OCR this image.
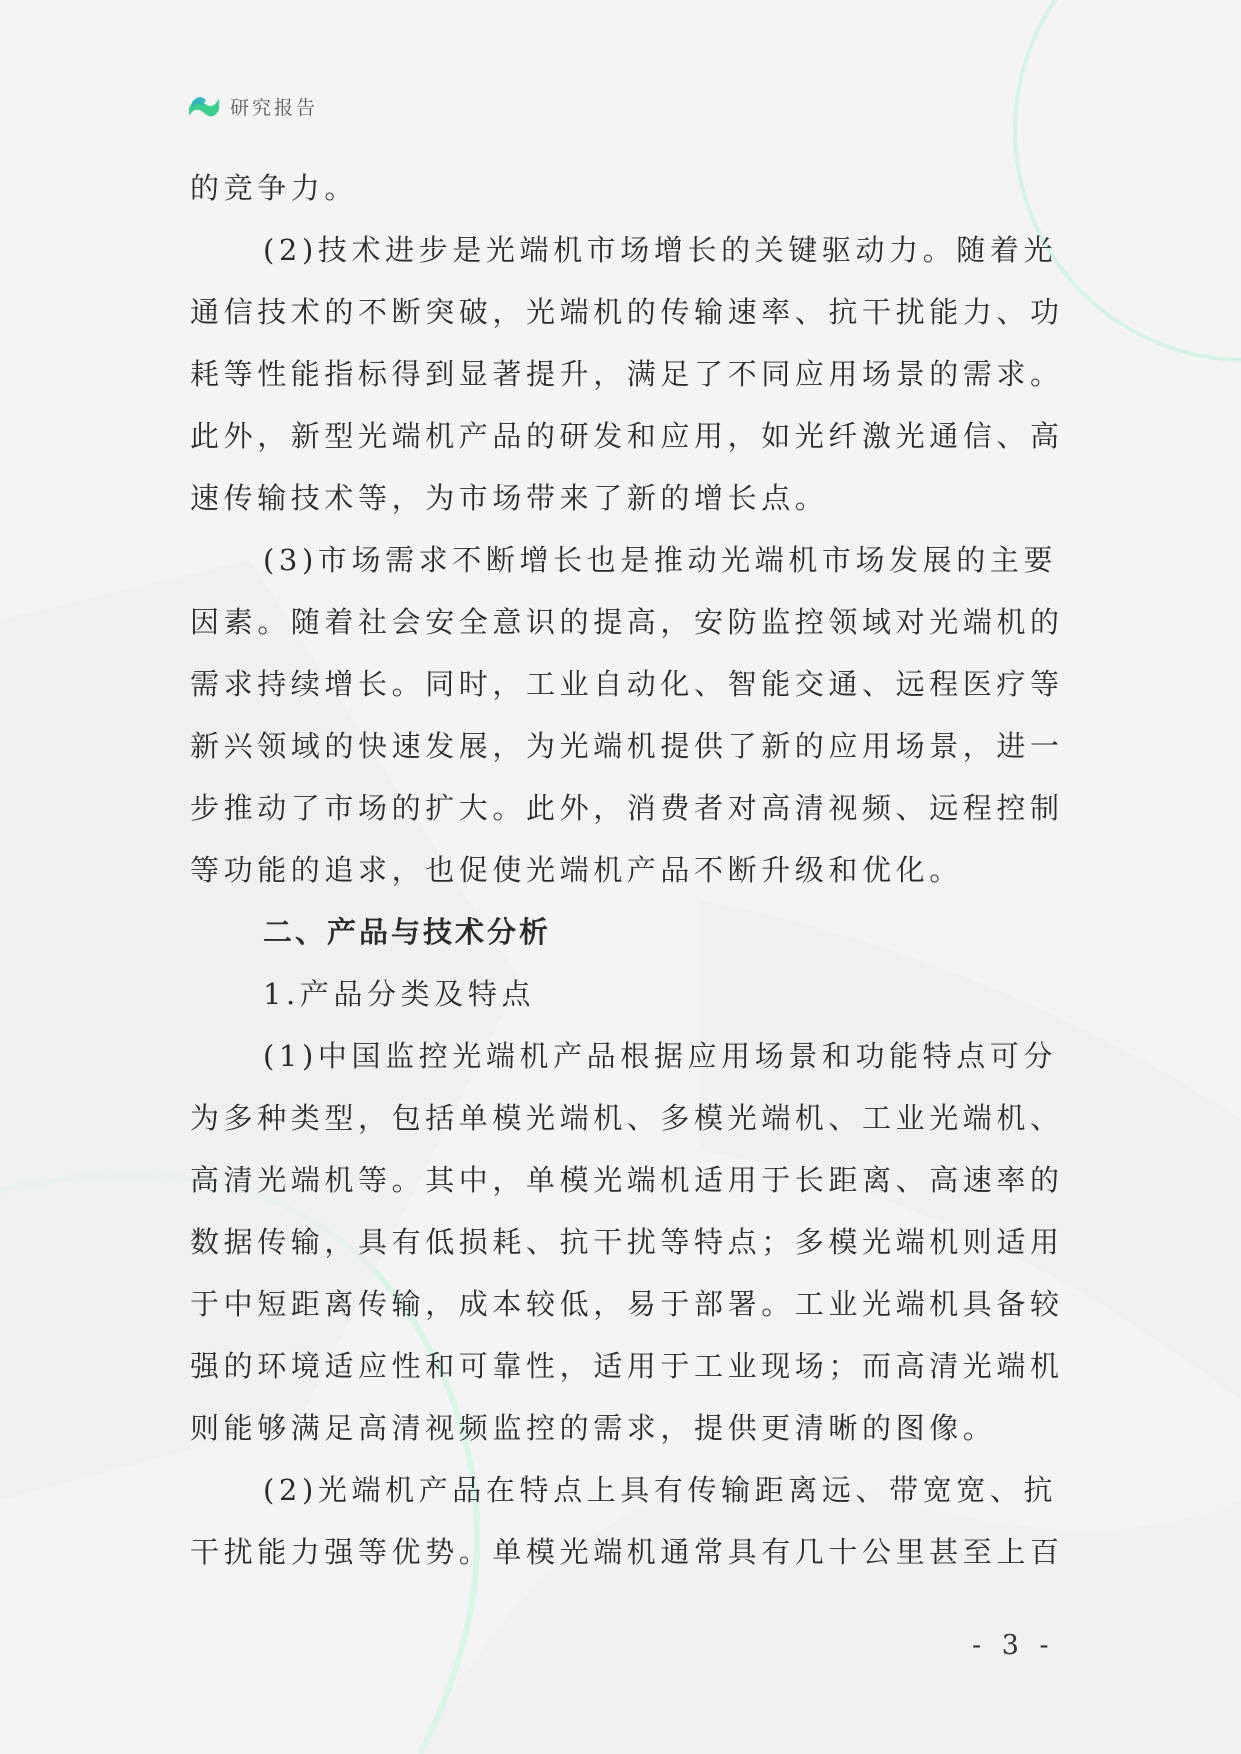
研究报告
的竞争力。
(2)技术进步是光端机市场增长的关键驱动力。随着光
通信技术的不断突破，光端机的传输速率、抗干扰能力、功
耗等性能指标得到显著提升，满足了不同应用场景的需求。
此外，新型光端机产品的研发和应用，如光纤激光通信、高
速传输技术等，为市场带来了新的增长点。
(3)市场需求不断增长也是推动光端机市场发展的主要
因素。随着社会安全意识的提高，安防监控领域对光端机的
需求持续增长。同时，工业自动化、智能交通、远程医疗等
新兴领域的快速发展，为光端机提供了新的应用场景，进一
步推动了市场的扩大。此外，消费者对高清视频、远程控制
等功能的追求，也促使光端机产品不断升级和优化。
二、产品与技术分析
1.产品分类及特点
(1)中国监控光端机产品根据应用场景和功能特点可分
为多种类型，包括单模光端机、多模光端机、工业光端机、
高清光端机等。其中，单模光端机适用于长距离、高速率的
数据传输，具有低损耗、抗干扰等特点；多模光端机则适用
于中短距离传输，成本较低，易于部署。工业光端机具备较
强的环境适应性和可靠性，适用于工业现场；而高清光端机
则能够满足高清视频监控的需求，提供更清晰的图像。
(2)光端机产品在特点上具有传输距离远、带宽宽、抗
干扰能力强等优势。单模光端机通常具有几十公里甚至上百
- 3 -
